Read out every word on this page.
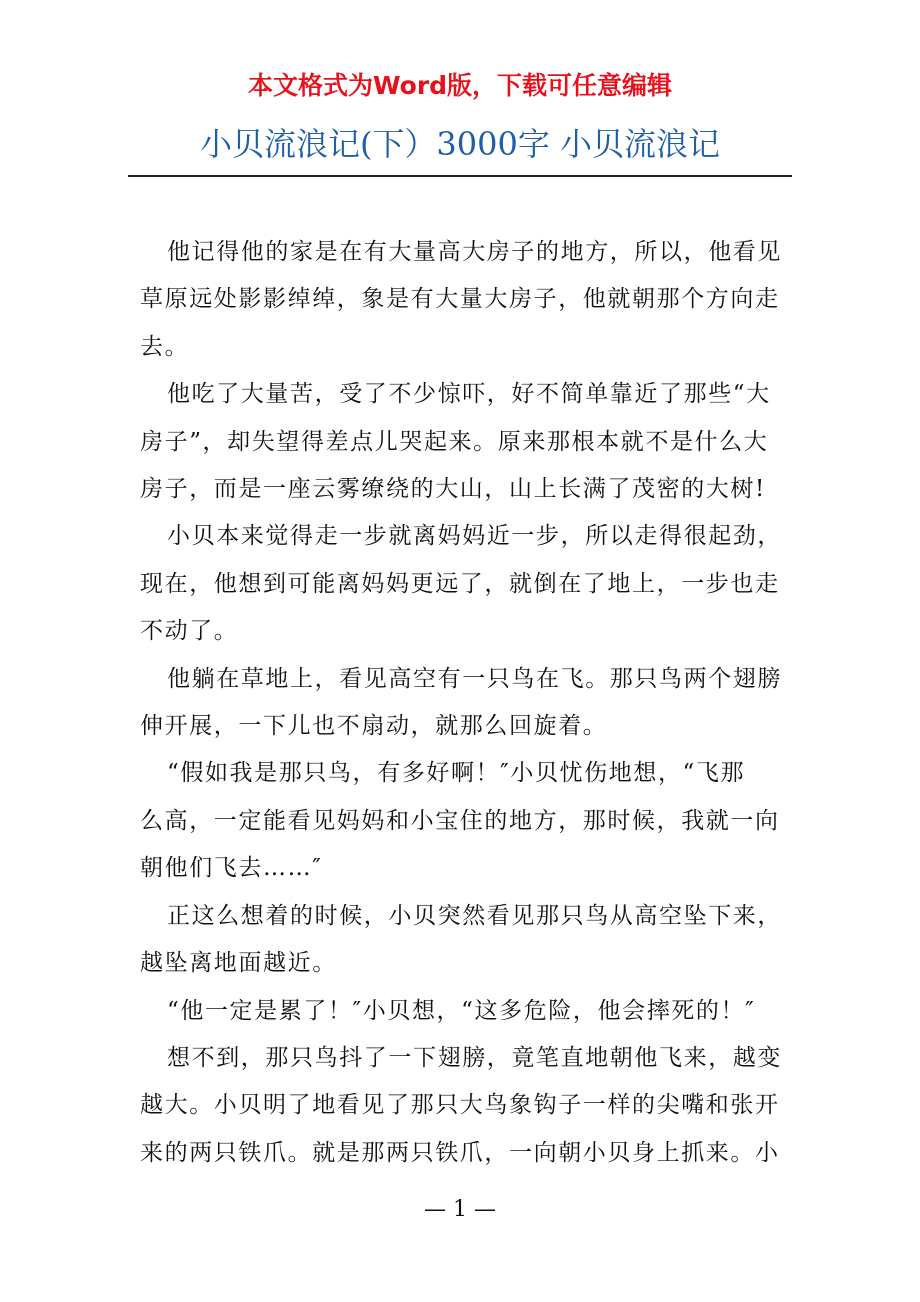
本文格式为Word版，下载可任意编辑

小贝流浪记(下）3000字 小贝流浪记

他记得他的家是在有大量高大房子的地方，所以，他看见
草原远处影影绰绰，象是有大量大房子，他就朝那个方向走
去。

他吃了大量苦，受了不少惊吓，好不简单靠近了那些“大
房子”，却失望得差点儿哭起来。原来那根本就不是什么大
房子，而是一座云雾缭绕的大山，山上长满了茂密的大树!

小贝本来觉得走一步就离妈妈近一步，所以走得很起劲，
现在，他想到可能离妈妈更远了，就倒在了地上，一步也走
不动了。

他躺在草地上，看见高空有一只鸟在飞。那只鸟两个翅膀
伸开展，一下儿也不扇动，就那么回旋着。

“假如我是那只鸟，有多好啊！″小贝忧伤地想，“飞那
么高，一定能看见妈妈和小宝住的地方，那时候，我就一向
朝他们飞去……″

正这么想着的时候，小贝突然看见那只鸟从高空坠下来，
越坠离地面越近。

“他一定是累了！″小贝想，“这多危险，他会摔死的！″

想不到，那只鸟抖了一下翅膀，竟笔直地朝他飞来，越变
越大。小贝明了地看见了那只大鸟象钩子一样的尖嘴和张开
来的两只铁爪。就是那两只铁爪，一向朝小贝身上抓来。小

— 1 —
